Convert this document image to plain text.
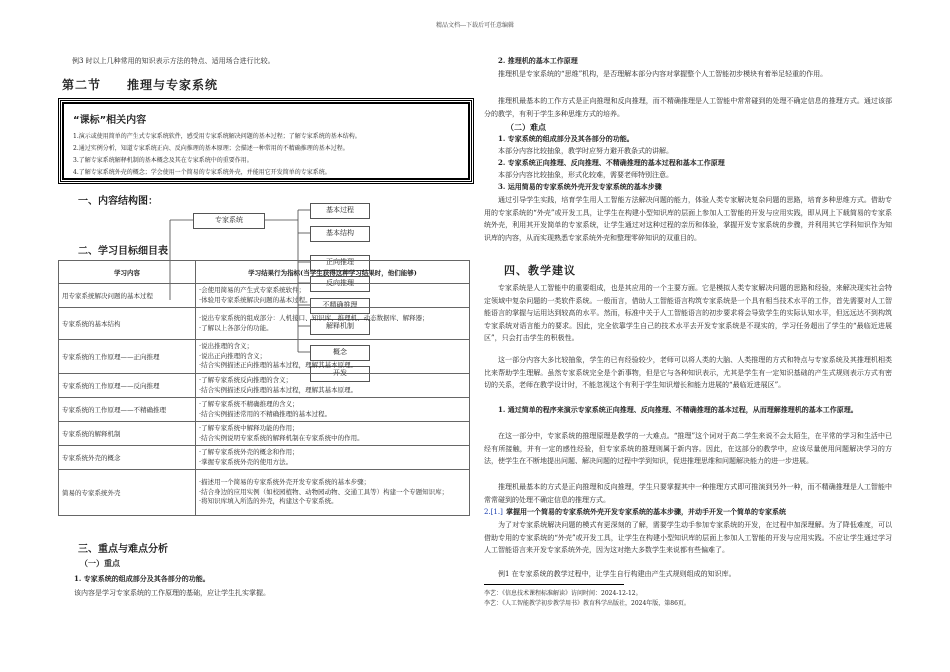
精品文档---下载后可任意编辑
例3 时以上几种常用的知识表示方法的特点、适用场合进行比较。
第二节　　推理与专家系统
“课标”相关内容
1.演示或使用简单的产生式专家系统软件，感受用专家系统解决问题的基本过程；了解专家系统的基本结构。
2.通过实例分析，知道专家系统正向、反向推理的基本原理；会描述一种常用的不精确推理的基本过程。
3.了解专家系统解释机制的基本概念及其在专家系统中的重要作用。
4.了解专家系统外壳的概念；学会使用一个简易的专家系统外壳，并能用它开发简单的专家系统。
一、内容结构图：
专家系统
基本过程
基本结构
正向推理
反向推理
不精确推理
解释机制
概念
开发
二、学习目标细目表
学习内容	学习结果行为指标(当学生获得这种学习结果时，他们能够)
用专家系统解决问题的基本过程	·会使用简易的产生式专家系统软件；
·体验用专家系统解决问题的基本过程。
专家系统的基本结构	·说出专家系统的组成部分：人机接口、知识库、推理机、动态数据库、解释器；
·了解以上各部分的功能。
专家系统的工作原理——正向推理	·说出推理的含义；
·说出正向推理的含义；
·结合实例描述正向推理的基本过程，理解其基本原理。
专家系统的工作原理——反向推理	·了解专家系统反向推理的含义；
·结合实例描述反向推理的基本过程，理解其基本原理。
专家系统的工作原理——不精确推理	·了解专家系统不精确推理的含义；
·结合实例描述常用的不精确推理的基本过程。
专家系统的解释机制	·了解专家系统中解释功能的作用；
·结合实例说明专家系统的解释机制在专家系统中的作用。
专家系统外壳的概念	·了解专家系统外壳的概念和作用；
·掌握专家系统外壳的使用方法。
简易的专家系统外壳	·描述用一个简易的专家系统外壳开发专家系统的基本步骤；
·结合身边的应用实例（如校园植物、动物园动物、交通工具等）构建一个专题知识库；
·将知识库填入所选的外壳，构建这个专家系统。
三、重点与难点分析
（一）重点
1. 专家系统的组成部分及其各部分的功能。
该内容是学习专家系统的工作原理的基础，应让学生扎实掌握。
2. 推理机的基本工作原理
推理机是专家系统的“思维”机构，是否理解本部分内容对掌握整个人工智能初步模块有着举足轻重的作用。
推理机最基本的工作方式是正向推理和反向推理，而不精确推理是人工智能中常常碰到的处理不确定信息的推理方式。通过该部分的教学，有利于学生多种思维方式的培养。
（二）难点
1. 专家系统的组成部分及其各部分的功能。
本部分内容比较抽象，教学时应努力避开教条式的讲解。
2. 专家系统正向推理、反向推理、不精确推理的基本过程和基本工作原理
本部分内容比较抽象，形式化较难，需要老师特别注意。
3. 运用简易的专家系统外壳开发专家系统的基本步骤
通过引导学生实践，培育学生用人工智能方法解决问题的能力，体验人类专家解决复杂问题的思路，培育多种思维方式。借助专用的专家系统的“外壳”或开发工具，让学生在构建小型知识库的层面上参加人工智能的开发与应用实践，即从网上下载简易的专家系统外壳，利用其开发简单的专家系统，让学生通过对这种过程的亲历和体验，掌握开发专家系统的步骤，并利用其它学科知识作为知识库的内容，从而实现熟悉专家系统外壳和整理零碎知识的双重目的。
四、教学建议
专家系统是人工智能中的重要组成，也是其应用的一个主要方面。它是模拟人类专家解决问题的思路和经验，来解决现实社会特定领域中复杂问题的一类软件系统。一般而言，借助人工智能语言构筑专家系统是一个具有相当技术水平的工作，首先需要对人工智能语言的掌握与运用达到较高的水平。然而，标准中关于人工智能语言的初步要求将会导致学生的实际认知水平，但远远达不到构筑专家系统对语言能力的要求。因此，完全依靠学生自己的技术水平去开发专家系统是不现实的，学习任务超出了学生的“最临近进展区”，只会打击学生的积极性。
这一部分内容大多比较抽象，学生的已有经验较少，老师可以将人类的大脑、人类推理的方式和特点与专家系统及其推理机相类比来帮助学生理解。虽然专家系统完全是个新事物，但是它与各种知识表示，尤其是学生有一定知识基础的产生式规则表示方式有密切的关系，老师在教学设计时，不能忽视这个有利于学生知识增长和能力进展的“最临近进展区”。
1. 通过简单的程序来演示专家系统正向推理、反向推理、不精确推理的基本过程，从而理解推理机的基本工作原理。
在这一部分中，专家系统的推理原理是教学的一大难点。“推理”这个词对于高二学生来说不会太陌生，在平常的学习和生活中已经有所接触，并有一定的感性经验，但专家系统的推理则属于新内容。因此，在这部分的教学中，应该尽量使用问题解决学习的方法，使学生在不断地提出问题、解决问题的过程中学到知识，促进推理思维和问题解决能力的进一步进展。
推理机最基本的方式是正向推理和反向推理，学生只要掌握其中一种推理方式即可推演到另外一种，而不精确推理是人工智能中常常碰到的处理不确定信息的推理方式。
2.[1.] 掌握用一个简易的专家系统外壳开发专家系统的基本步骤，并动手开发一个简单的专家系统
为了对专家系统解决问题的模式有更深刻的了解，需要学生动手参加专家系统的开发，在过程中加深理解。为了降低难度，可以借助专用的专家系统的“外壳”或开发工具，让学生在构建小型知识库的层面上参加人工智能的开发与应用实践。不应让学生通过学习人工智能语言来开发专家系统外壳，因为这对绝大多数学生来说都有些偏难了。
例1 在专家系统的教学过程中，让学生自行构建由产生式规则组成的知识库。
李艺：《信息技术课程标准解读》访问时间：2024-12-12。
李艺：《人工智能教学初步教学用书》教育科学出版社，2024年版，第86页。
